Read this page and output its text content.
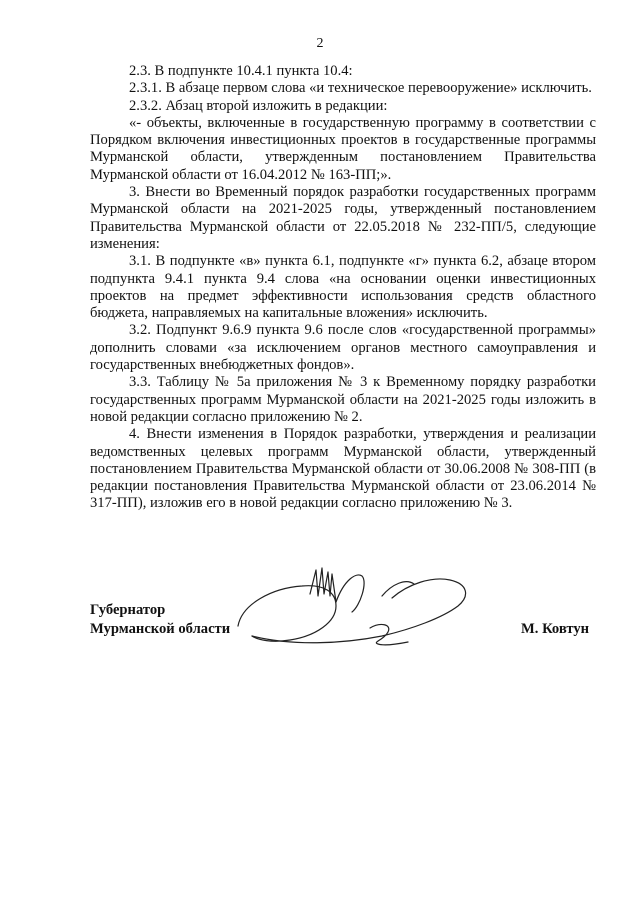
2

2.3. В подпункте 10.4.1 пункта 10.4:

2.3.1. В абзаце первом слова «и техническое перевооружение» исключить.

2.3.2. Абзац второй изложить в редакции:

«- объекты, включенные в государственную программу в соответствии с Порядком включения инвестиционных проектов в государственные программы Мурманской области, утвержденным постановлением Правительства Мурманской области от 16.04.2012 № 163-ПП;».

3. Внести во Временный порядок разработки государственных программ Мурманской области на 2021-2025 годы, утвержденный постановлением Правительства Мурманской области от 22.05.2018 № 232-ПП/5, следующие изменения:

3.1. В подпункте «в» пункта 6.1, подпункте «г» пункта 6.2, абзаце втором подпункта 9.4.1 пункта 9.4 слова «на основании оценки инвестиционных проектов на предмет эффективности использования средств областного бюджета, направляемых на капитальные вложения» исключить.

3.2. Подпункт 9.6.9 пункта 9.6 после слов «государственной программы» дополнить словами «за исключением органов местного самоуправления и государственных внебюджетных фондов».

3.3. Таблицу № 5а приложения № 3 к Временному порядку разработки государственных программ Мурманской области на 2021-2025 годы изложить в новой редакции согласно приложению № 2.

4. Внести изменения в Порядок разработки, утверждения и реализации ведомственных целевых программ Мурманской области, утвержденный постановлением Правительства Мурманской области от 30.06.2008 № 308-ПП (в редакции постановления Правительства Мурманской области от 23.06.2014 № 317-ПП), изложив его в новой редакции согласно приложению № 3.

Губернатор
Мурманской области	М. Ковтун
